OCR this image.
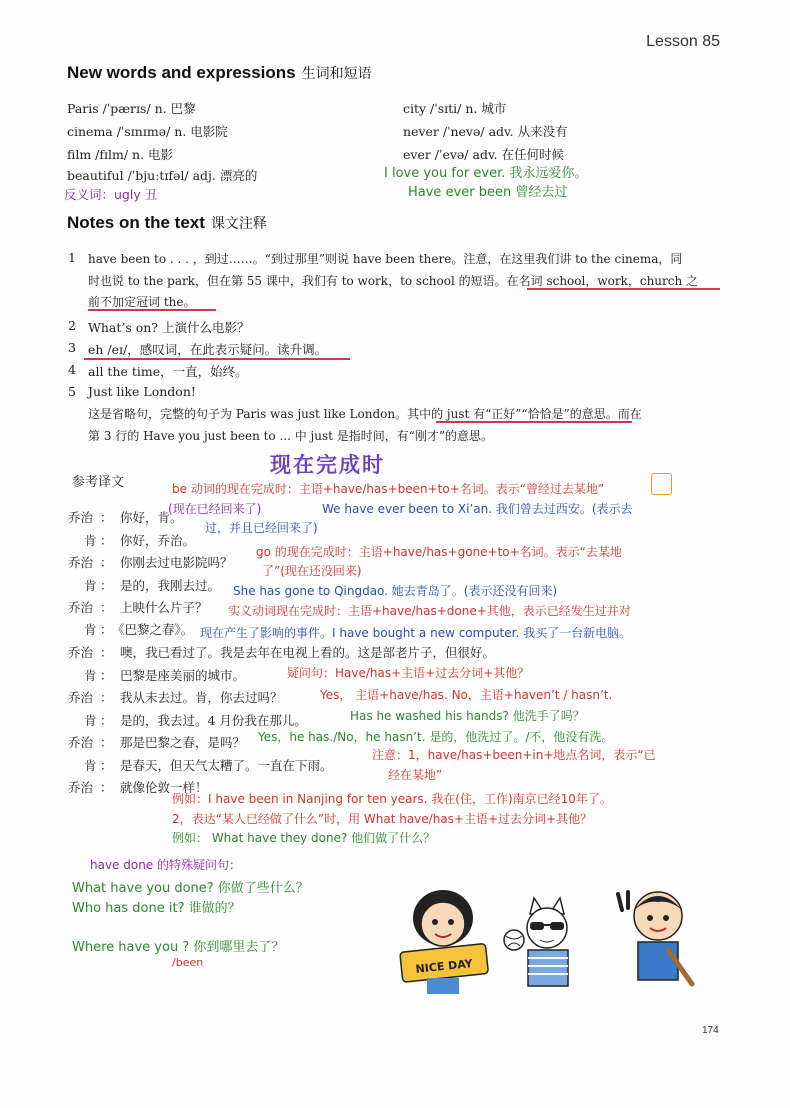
Lesson 85
New words and expressions 生词和短语
Paris /ˈpærɪs/ n. 巴黎
cinema /ˈsɪnɪmə/ n. 电影院
film /fɪlm/ n. 电影
beautiful /ˈbjuːtɪfəl/ adj. 漂亮的
city /ˈsɪti/ n. 城市
never /ˈnevə/ adv. 从来没有
ever /ˈevə/ adv. 在任何时候
反义词：ugly 丑
I love you for ever. 我永远爱你。
Have ever been 曾经去过
Notes on the text 课文注释
1 have been to . . . ，到过……。“到过那里”则说 have been there。注意，在这里我们讲 to the cinema，同
时也说 to the park，但在第 55 课中，我们有 to work，to school 的短语。在名词 school，work，church 之
前不加定冠词 the。
2 What’s on? 上演什么电影？
3 eh /eɪ/，感叹词，在此表示疑问。读升调。
4 all the time，一直，始终。
5 Just like London!
这是省略句，完整的句子为 Paris was just like London。其中的 just 有“正好”“恰恰是”的意思。而在
第 3 行的 Have you just been to ... 中 just 是指时间，有“刚才”的意思。
现在完成时
参考译文
乔治 ： 你好，肯。
肯 ： 你好，乔治。
乔治 ： 你刚去过电影院吗？
肯 ： 是的，我刚去过。
乔治 ： 上映什么片子？
肯 ： 《巴黎之春》。
乔治 ： 噢，我已看过了。我是去年在电视上看的。这是部老片子，但很好。
肯 ： 巴黎是座美丽的城市。
乔治 ： 我从未去过。肯，你去过吗？
肯 ： 是的，我去过。4 月份我在那儿。
乔治 ： 那是巴黎之春，是吗？
肯 ： 是春天，但天气太糟了。一直在下雨。
乔治 ： 就像伦敦一样！
be 动词的现在完成时：主语+have/has+been+to+名词。表示“曾经过去某地”
(现在已经回来了)	We have ever been to Xi’an. 我们曾去过西安。(表示去
过，并且已经回来了)
go 的现在完成时：主语+have/has+gone+to+名词。表示“去某地
了”(现在还没回来)
She has gone to Qingdao. 她去青岛了。(表示还没有回来)
实义动词现在完成时：主语+have/has+done+其他，表示已经发生过并对
现在产生了影响的事件。I have bought a new computer. 我买了一台新电脑。
疑问句：Have/has+主语+过去分词+其他？
Yes， 主语+have/has. No，主语+haven’t / hasn’t.
Has he washed his hands? 他洗手了吗？
Yes，he has./No，he hasn’t. 是的，他洗过了。/不，他没有洗。
注意：1，have/has+been+in+地点名词，表示“已
经在某地”
例如：I have been in Nanjing for ten years. 我在(住，工作)南京已经10年了。
2，表达“某人已经做了什么”时，用 What have/has+主语+过去分词+其他？
例如： What have they done? 他们做了什么？
have done 的特殊疑问句：
What have you done? 你做了些什么？
Who has done it? 谁做的？
Where have you ? 你到哪里去了？
/been	NICE DAY
174
